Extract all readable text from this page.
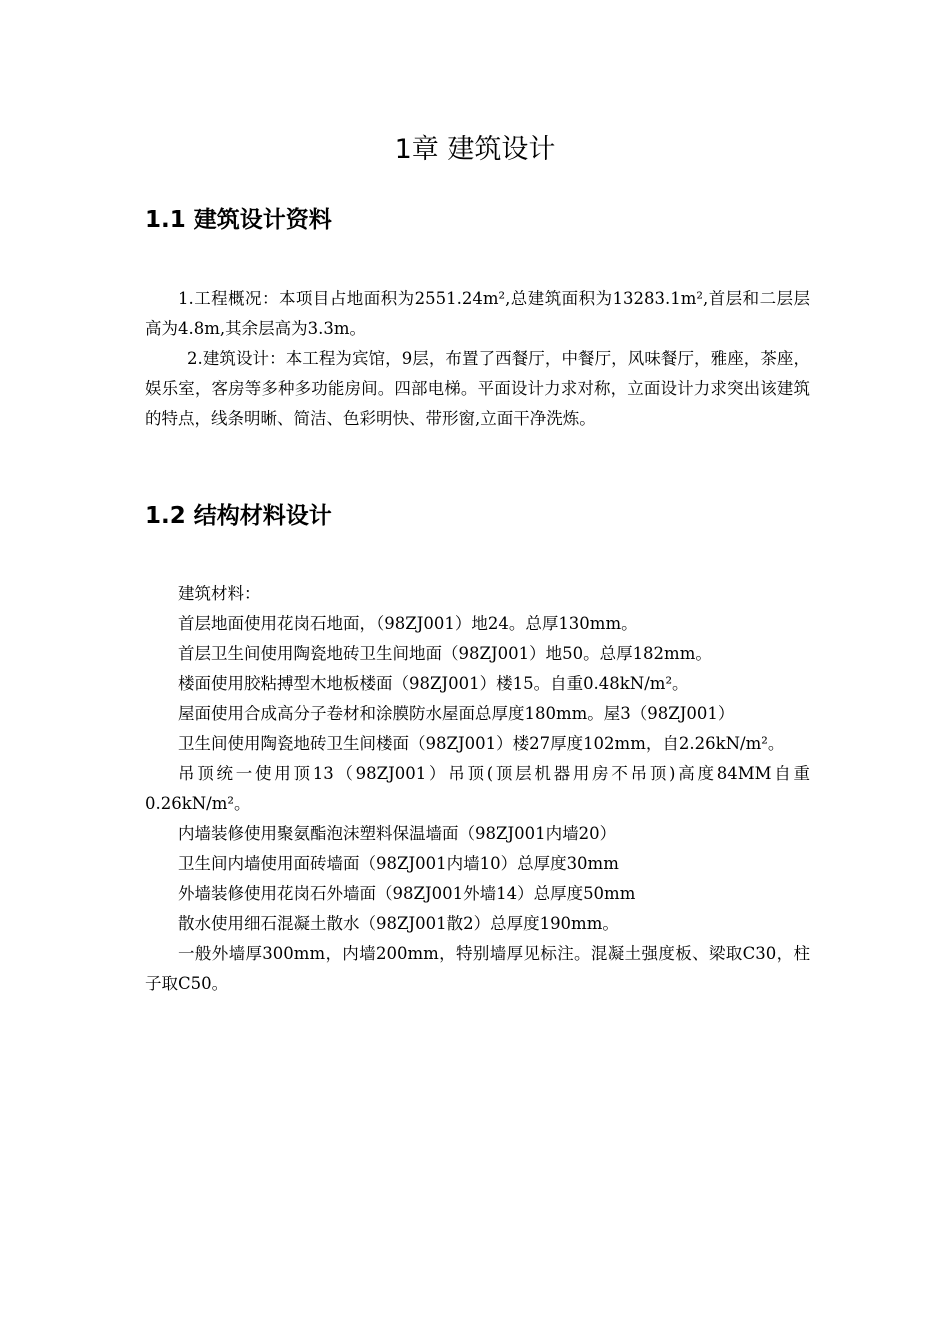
1章 建筑设计
1.1 建筑设计资料

1.工程概况：本项目占地面积为2551.24m²,总建筑面积为13283.1m²,首层和二层层高为4.8m,其余层高为3.3m。

2.建筑设计：本工程为宾馆，9层，布置了西餐厅，中餐厅，风味餐厅，雅座，茶座，娱乐室，客房等多种多功能房间。四部电梯。平面设计力求对称，立面设计力求突出该建筑的特点，线条明晰、简洁、色彩明快、带形窗,立面干净洗炼。

1.2 结构材料设计

建筑材料：

首层地面使用花岗石地面，（98ZJ001）地24。总厚130mm。

首层卫生间使用陶瓷地砖卫生间地面（98ZJ001）地50。总厚182mm。

楼面使用胶粘搏型木地板楼面（98ZJ001）楼15。自重0.48kN/m²。

屋面使用合成高分子卷材和涂膜防水屋面总厚度180mm。屋3（98ZJ001）

卫生间使用陶瓷地砖卫生间楼面（98ZJ001）楼27厚度102mm，自2.26kN/m²。

吊顶统一使用顶13（98ZJ001）吊顶(顶层机器用房不吊顶)高度84MM自重0.26kN/m²。

内墙装修使用聚氨酯泡沫塑料保温墙面（98ZJ001内墙20）

卫生间内墙使用面砖墙面（98ZJ001内墙10）总厚度30mm

外墙装修使用花岗石外墙面（98ZJ001外墙14）总厚度50mm

散水使用细石混凝土散水（98ZJ001散2）总厚度190mm。

一般外墙厚300mm，内墙200mm，特别墙厚见标注。混凝土强度板、梁取C30，柱子取C50。
